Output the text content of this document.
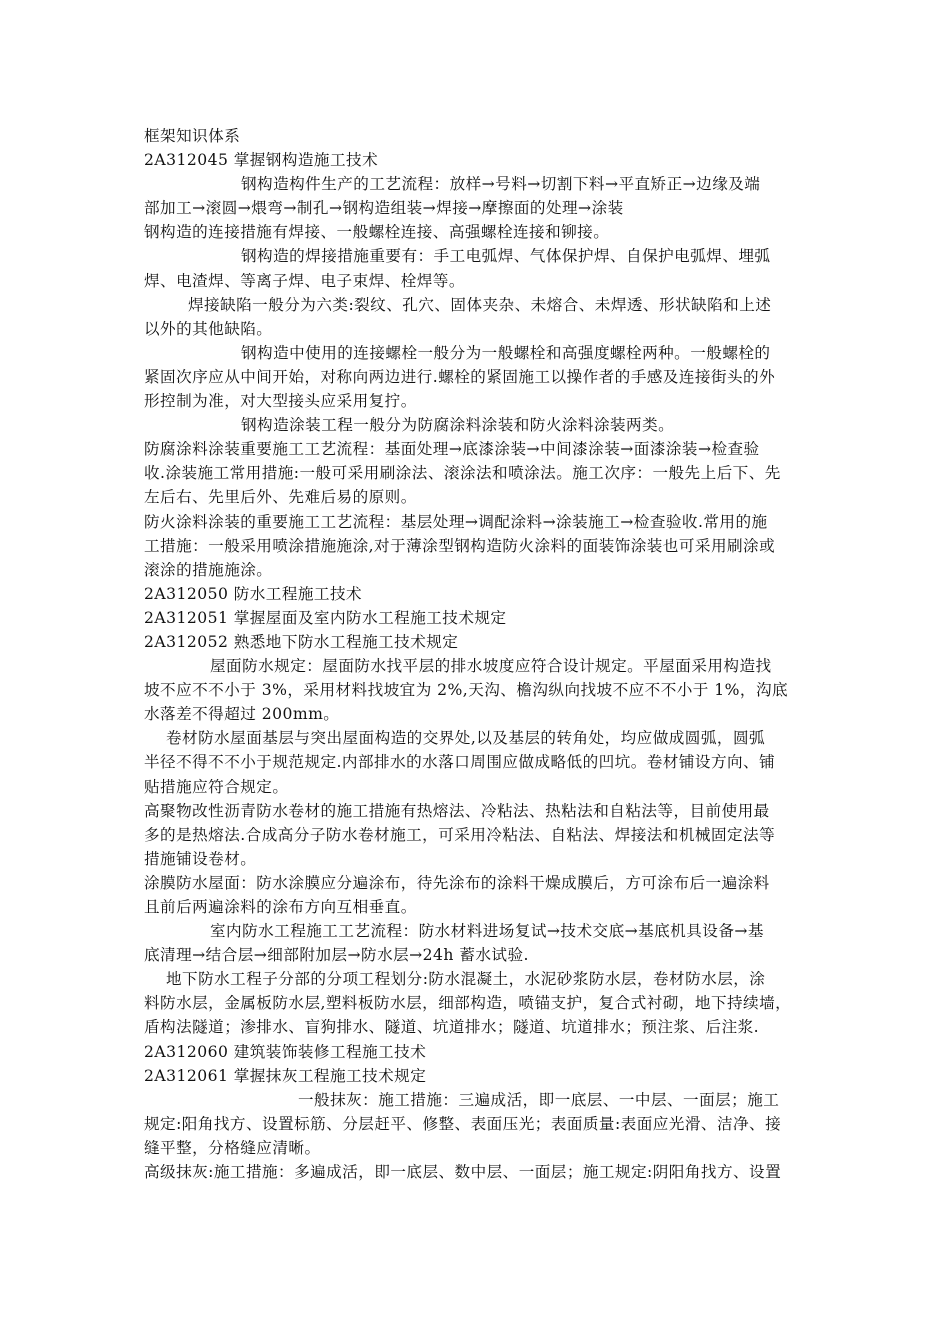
框架知识体系
2A312045 掌握钢构造施工技术
钢构造构件生产的工艺流程：放样→号料→切割下料→平直矫正→边缘及端
部加工→滚圆→煨弯→制孔→钢构造组装→焊接→摩擦面的处理→涂装
钢构造的连接措施有焊接、一般螺栓连接、高强螺栓连接和铆接。
钢构造的焊接措施重要有：手工电弧焊、气体保护焊、自保护电弧焊、埋弧
焊、电渣焊、等离子焊、电子束焊、栓焊等。
焊接缺陷一般分为六类:裂纹、孔穴、固体夹杂、未熔合、未焊透、形状缺陷和上述
以外的其他缺陷。
钢构造中使用的连接螺栓一般分为一般螺栓和高强度螺栓两种。一般螺栓的
紧固次序应从中间开始，对称向两边进行.螺栓的紧固施工以操作者的手感及连接街头的外
形控制为准，对大型接头应采用复拧。
钢构造涂装工程一般分为防腐涂料涂装和防火涂料涂装两类。
防腐涂料涂装重要施工工艺流程：基面处理→底漆涂装→中间漆涂装→面漆涂装→检查验
收.涂装施工常用措施:一般可采用刷涂法、滚涂法和喷涂法。施工次序：一般先上后下、先
左后右、先里后外、先难后易的原则。
防火涂料涂装的重要施工工艺流程：基层处理→调配涂料→涂装施工→检查验收.常用的施
工措施：一般采用喷涂措施施涂,对于薄涂型钢构造防火涂料的面装饰涂装也可采用刷涂或
滚涂的措施施涂。
2A312050 防水工程施工技术
2A312051 掌握屋面及室内防水工程施工技术规定
2A312052 熟悉地下防水工程施工技术规定
屋面防水规定：屋面防水找平层的排水坡度应符合设计规定。平屋面采用构造找
坡不应不不小于 3%，采用材料找坡宜为 2%,天沟、檐沟纵向找坡不应不不小于 1%，沟底
水落差不得超过 200mm。
卷材防水屋面基层与突出屋面构造的交界处,以及基层的转角处，均应做成圆弧，圆弧
半径不得不不小于规范规定.内部排水的水落口周围应做成略低的凹坑。卷材铺设方向、铺
贴措施应符合规定。
高聚物改性沥青防水卷材的施工措施有热熔法、冷粘法、热粘法和自粘法等，目前使用最
多的是热熔法.合成高分子防水卷材施工，可采用冷粘法、自粘法、焊接法和机械固定法等
措施铺设卷材。
涂膜防水屋面：防水涂膜应分遍涂布，待先涂布的涂料干燥成膜后，方可涂布后一遍涂料
且前后两遍涂料的涂布方向互相垂直。
室内防水工程施工工艺流程：防水材料进场复试→技术交底→基底机具设备→基
底清理→结合层→细部附加层→防水层→24h 蓄水试验.
地下防水工程子分部的分项工程划分:防水混凝土，水泥砂浆防水层，卷材防水层，涂
料防水层，金属板防水层,塑料板防水层，细部构造，喷锚支护，复合式衬砌，地下持续墙，
盾构法隧道；渗排水、盲狗排水、隧道、坑道排水；隧道、坑道排水；预注浆、后注浆.
2A312060 建筑装饰装修工程施工技术
2A312061 掌握抹灰工程施工技术规定
一般抹灰：施工措施：三遍成活，即一底层、一中层、一面层；施工
规定:阳角找方、设置标筋、分层赶平、修整、表面压光；表面质量:表面应光滑、洁净、接
缝平整，分格缝应清晰。
高级抹灰:施工措施：多遍成活，即一底层、数中层、一面层；施工规定:阴阳角找方、设置
